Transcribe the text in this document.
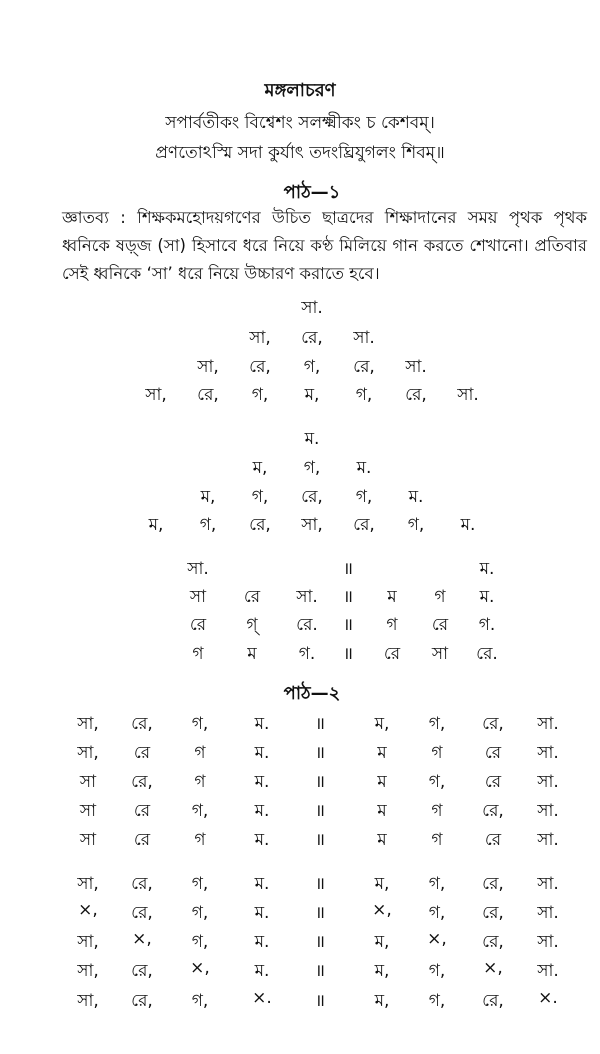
মঙ্গলাচরণ
সপার্বতীকং বিশ্বেশং সলক্ষ্মীকং চ কেশবম্।
প্রণতোঽস্মি সদা কুর্যাৎ তদংঘ্রিযুগলং শিবম্॥
পাঠ—১
জ্ঞাতব্য : শিক্ষকমহোদয়গণের উচিত ছাত্রদের শিক্ষাদানের সময় পৃথক পৃথক ধ্বনিকে ষড়্জ (সা) হিসাবে ধরে নিয়ে কণ্ঠ মিলিয়ে গান করতে শেখানো। প্রতিবার সেই ধ্বনিকে ‘সা’ ধরে নিয়ে উচ্চারণ করাতে হবে।
সা.
সা, রে, সা.
সা, রে, গ, রে, সা.
সা, রে, গ, ম, গ, রে, সা.
ম.
ম, গ, ম.
ম, গ, রে, গ, ম.
ম, গ, রে, সা, রে, গ, ম.
সা.	॥	ম.
সা রে সা. ॥ ম গ ম.
রে গ্ রে. ॥ গ রে গ.
গ	ম গ. ॥ রে সা রে.
পাঠ—২
সা, রে, গ,	ম.	॥	ম, গ, রে, সা.
সা, রে	গ	ম.	॥	ম	গ রে সা.
সা রে, গ	ম.	॥	ম গ, রে সা.
সা রে গ,	ম.	॥	ম	গ রে, সা.
সা রে	গ	ম.	॥	ম	গ রে সা.
সা, রে, গ,	ম.	॥	ম, গ, রে, সা.
×, রে, গ,	ম.	॥	×, গ, রে, সা.
সা, ×, গ,	ম.	॥	ম, ×, রে, সা.
সা, রে, ×,	ম.	॥	ম, গ, ×, সা.
সা, রে, গ,	×.	॥	ম, গ, রে, ×.
